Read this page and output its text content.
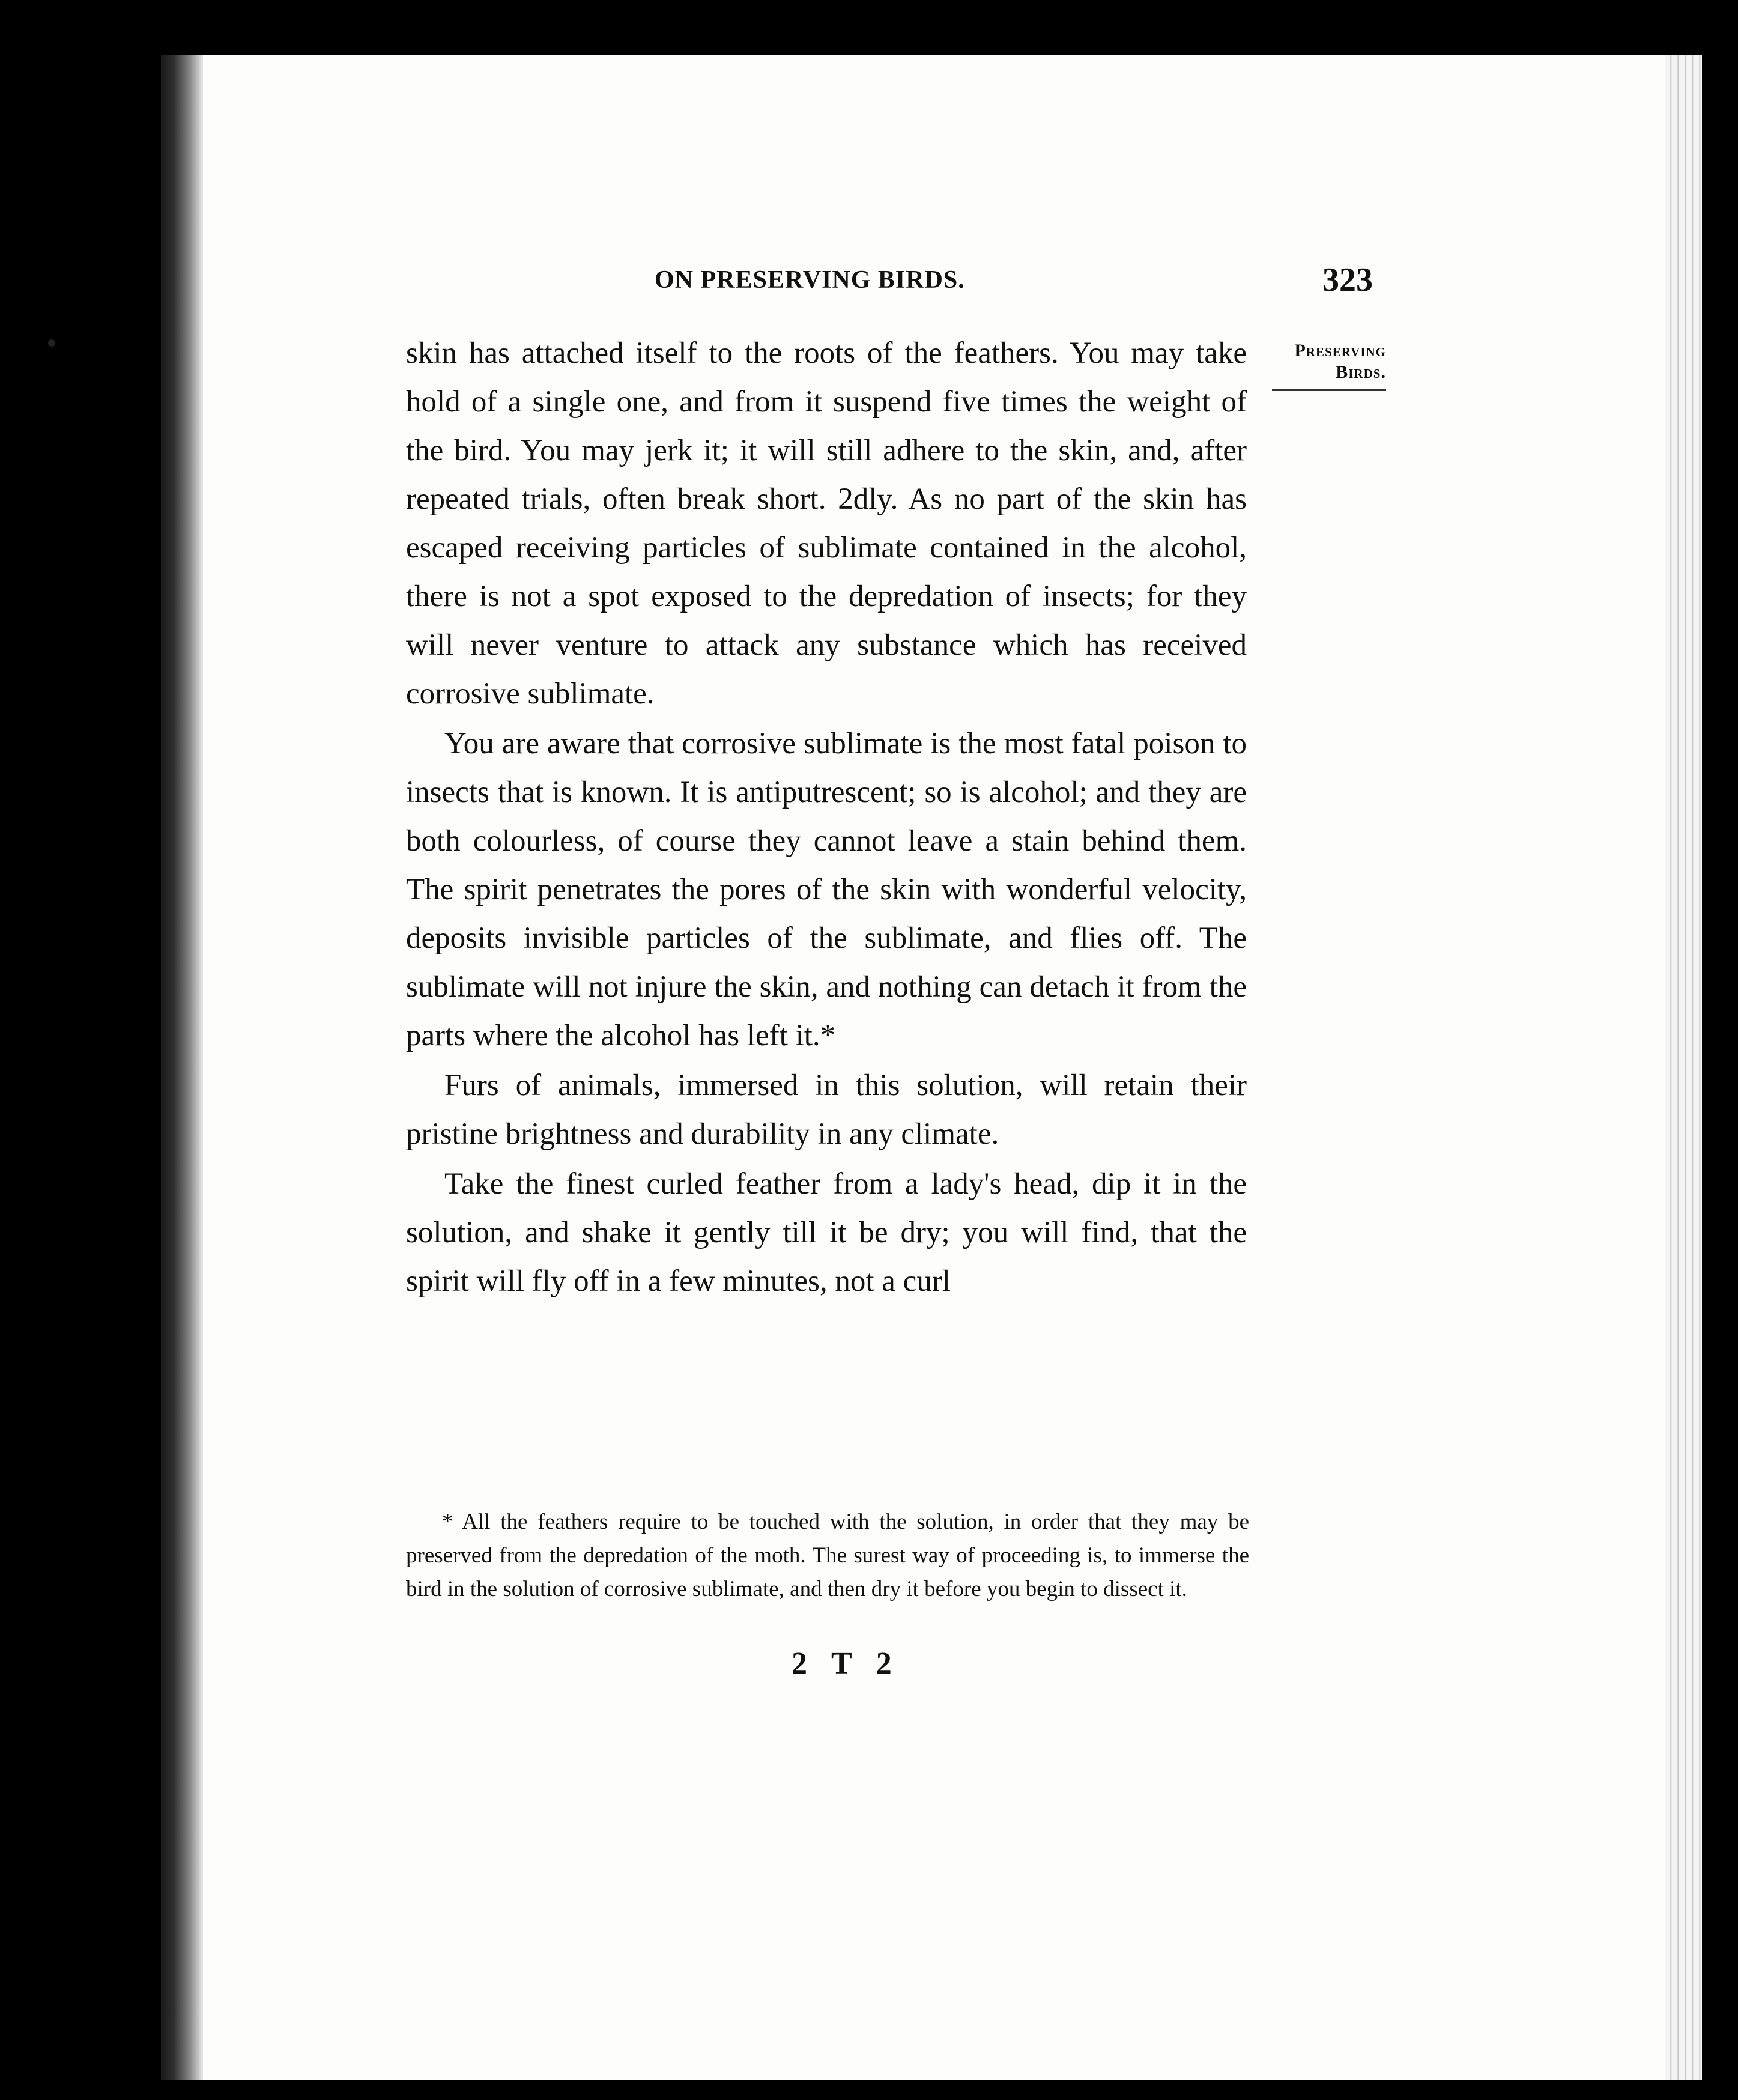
ON PRESERVING BIRDS.	323
Preserving
Birds.

skin has attached itself to the roots of the feathers. You may take hold of a single one, and from it suspend five times the weight of the bird. You may jerk it; it will still adhere to the skin, and, after repeated trials, often break short. 2dly. As no part of the skin has escaped receiving particles of sublimate contained in the alcohol, there is not a spot exposed to the depredation of insects; for they will never venture to attack any substance which has received corrosive sublimate.

You are aware that corrosive sublimate is the most fatal poison to insects that is known. It is antiputrescent; so is alcohol; and they are both colourless, of course they cannot leave a stain behind them. The spirit penetrates the pores of the skin with wonderful velocity, deposits invisible particles of the sublimate, and flies off. The sublimate will not injure the skin, and nothing can detach it from the parts where the alcohol has left it.*

Furs of animals, immersed in this solution, will retain their pristine brightness and durability in any climate.

Take the finest curled feather from a lady's head, dip it in the solution, and shake it gently till it be dry; you will find, that the spirit will fly off in a few minutes, not a curl

* All the feathers require to be touched with the solution, in order that they may be preserved from the depredation of the moth. The surest way of proceeding is, to immerse the bird in the solution of corrosive sublimate, and then dry it before you begin to dissect it.
2 T 2
